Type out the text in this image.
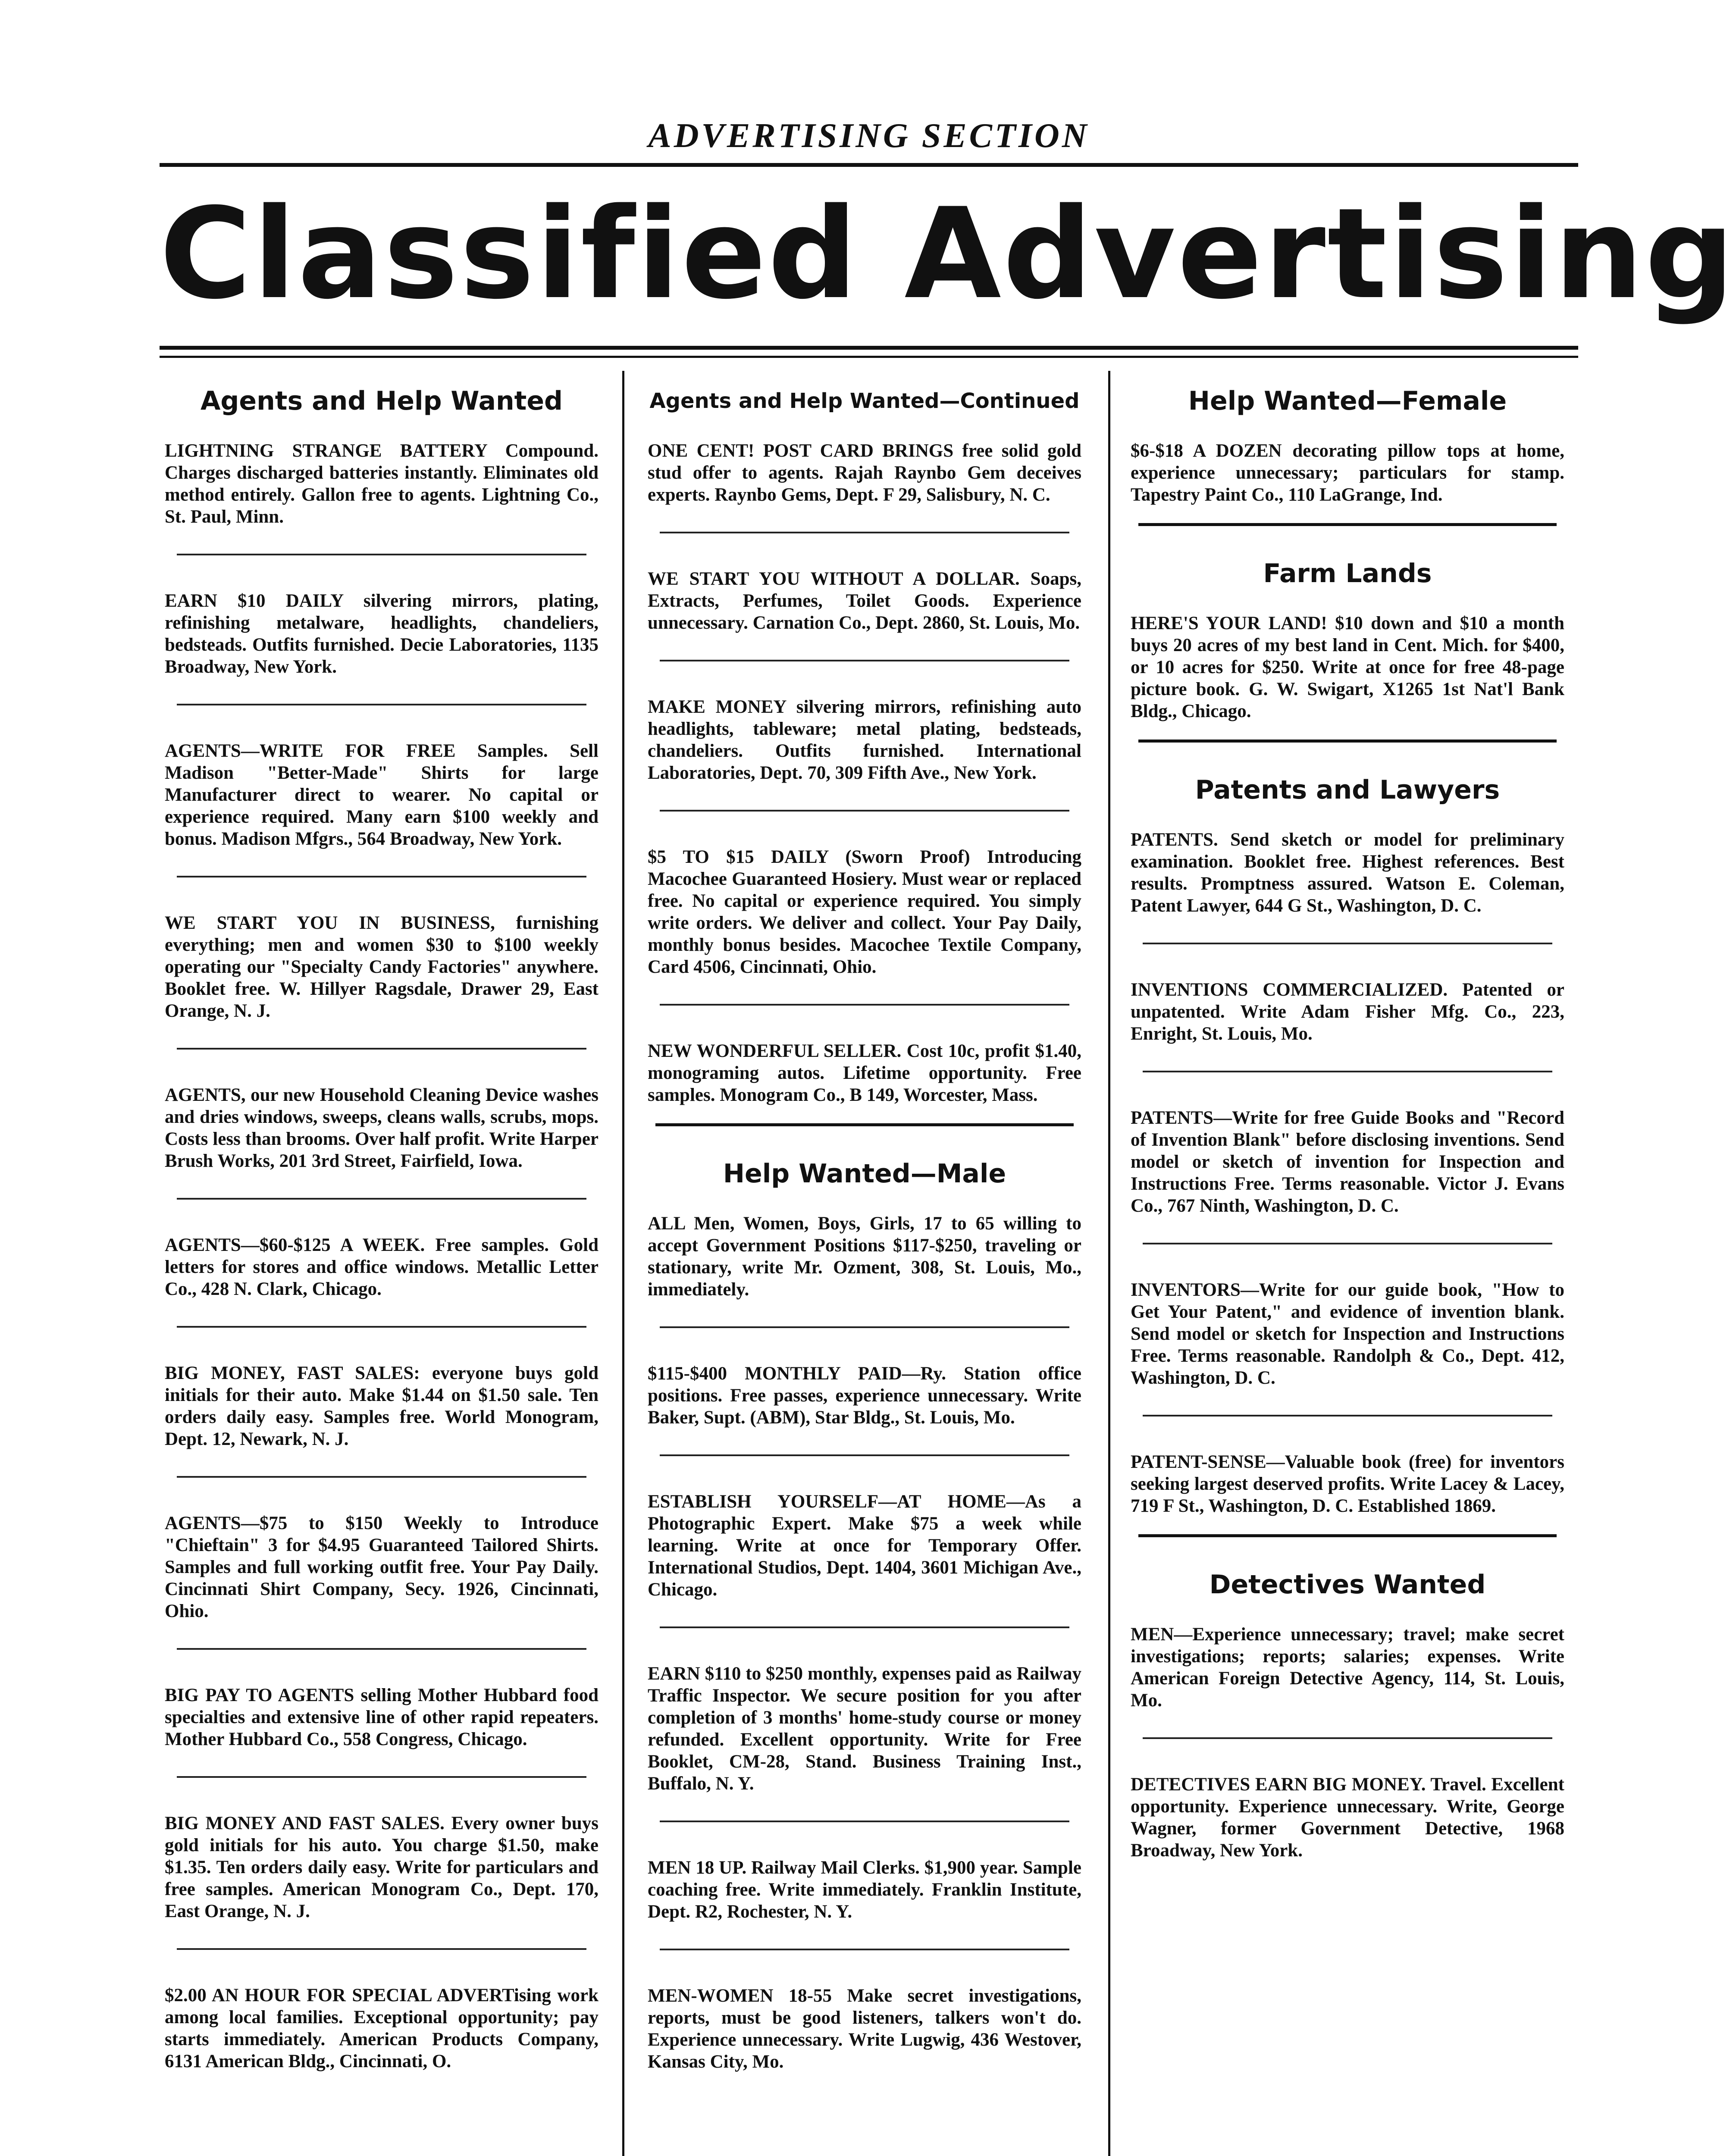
ADVERTISING SECTION
Classified Advertising
Agents and Help Wanted
LIGHTNING STRANGE BATTERY Compound. Charges discharged batteries instantly. Eliminates old method entirely. Gallon free to agents. Lightning Co., St. Paul, Minn.
EARN $10 DAILY silvering mirrors, plating, refinishing metalware, headlights, chandeliers, bedsteads. Outfits furnished. Decie Laboratories, 1135 Broadway, New York.
AGENTS—WRITE FOR FREE Samples. Sell Madison "Better-Made" Shirts for large Manufacturer direct to wearer. No capital or experience required. Many earn $100 weekly and bonus. Madison Mfgrs., 564 Broadway, New York.
WE START YOU IN BUSINESS, furnishing everything; men and women $30 to $100 weekly operating our "Specialty Candy Factories" anywhere. Booklet free. W. Hillyer Ragsdale, Drawer 29, East Orange, N. J.
AGENTS, our new Household Cleaning Device washes and dries windows, sweeps, cleans walls, scrubs, mops. Costs less than brooms. Over half profit. Write Harper Brush Works, 201 3rd Street, Fairfield, Iowa.
AGENTS—$60-$125 A WEEK. Free samples. Gold letters for stores and office windows. Metallic Letter Co., 428 N. Clark, Chicago.
BIG MONEY, FAST SALES: everyone buys gold initials for their auto. Make $1.44 on $1.50 sale. Ten orders daily easy. Samples free. World Monogram, Dept. 12, Newark, N. J.
AGENTS—$75 to $150 Weekly to Introduce "Chieftain" 3 for $4.95 Guaranteed Tailored Shirts. Samples and full working outfit free. Your Pay Daily. Cincinnati Shirt Company, Secy. 1926, Cincinnati, Ohio.
BIG PAY TO AGENTS selling Mother Hubbard food specialties and extensive line of other rapid repeaters. Mother Hubbard Co., 558 Congress, Chicago.
BIG MONEY AND FAST SALES. Every owner buys gold initials for his auto. You charge $1.50, make $1.35. Ten orders daily easy. Write for particulars and free samples. American Monogram Co., Dept. 170, East Orange, N. J.
$2.00 AN HOUR FOR SPECIAL ADVERTising work among local families. Exceptional opportunity; pay starts immediately. American Products Company, 6131 American Bldg., Cincinnati, O.
Agents and Help Wanted—Continued
ONE CENT! POST CARD BRINGS free solid gold stud offer to agents. Rajah Raynbo Gem deceives experts. Raynbo Gems, Dept. F 29, Salisbury, N. C.
WE START YOU WITHOUT A DOLLAR. Soaps, Extracts, Perfumes, Toilet Goods. Experience unnecessary. Carnation Co., Dept. 2860, St. Louis, Mo.
MAKE MONEY silvering mirrors, refinishing auto headlights, tableware; metal plating, bedsteads, chandeliers. Outfits furnished. International Laboratories, Dept. 70, 309 Fifth Ave., New York.
$5 TO $15 DAILY (Sworn Proof) Introducing Macochee Guaranteed Hosiery. Must wear or replaced free. No capital or experience required. You simply write orders. We deliver and collect. Your Pay Daily, monthly bonus besides. Macochee Textile Company, Card 4506, Cincinnati, Ohio.
NEW WONDERFUL SELLER. Cost 10c, profit $1.40, monograming autos. Lifetime opportunity. Free samples. Monogram Co., B 149, Worcester, Mass.
Help Wanted—Male
ALL Men, Women, Boys, Girls, 17 to 65 willing to accept Government Positions $117-$250, traveling or stationary, write Mr. Ozment, 308, St. Louis, Mo., immediately.
$115-$400 MONTHLY PAID—Ry. Station office positions. Free passes, experience unnecessary. Write Baker, Supt. (ABM), Star Bldg., St. Louis, Mo.
ESTABLISH YOURSELF—AT HOME—As a Photographic Expert. Make $75 a week while learning. Write at once for Temporary Offer. International Studios, Dept. 1404, 3601 Michigan Ave., Chicago.
EARN $110 to $250 monthly, expenses paid as Railway Traffic Inspector. We secure position for you after completion of 3 months' home-study course or money refunded. Excellent opportunity. Write for Free Booklet, CM-28, Stand. Business Training Inst., Buffalo, N. Y.
MEN 18 UP. Railway Mail Clerks. $1,900 year. Sample coaching free. Write immediately. Franklin Institute, Dept. R2, Rochester, N. Y.
MEN-WOMEN 18-55 Make secret investigations, reports, must be good listeners, talkers won't do. Experience unnecessary. Write Lugwig, 436 Westover, Kansas City, Mo.
Help Wanted—Female
$6-$18 A DOZEN decorating pillow tops at home, experience unnecessary; particulars for stamp. Tapestry Paint Co., 110 LaGrange, Ind.
Farm Lands
HERE'S YOUR LAND! $10 down and $10 a month buys 20 acres of my best land in Cent. Mich. for $400, or 10 acres for $250. Write at once for free 48-page picture book. G. W. Swigart, X1265 1st Nat'l Bank Bldg., Chicago.
Patents and Lawyers
PATENTS. Send sketch or model for preliminary examination. Booklet free. Highest references. Best results. Promptness assured. Watson E. Coleman, Patent Lawyer, 644 G St., Washington, D. C.
INVENTIONS COMMERCIALIZED. Patented or unpatented. Write Adam Fisher Mfg. Co., 223, Enright, St. Louis, Mo.
PATENTS—Write for free Guide Books and "Record of Invention Blank" before disclosing inventions. Send model or sketch of invention for Inspection and Instructions Free. Terms reasonable. Victor J. Evans Co., 767 Ninth, Washington, D. C.
INVENTORS—Write for our guide book, "How to Get Your Patent," and evidence of invention blank. Send model or sketch for Inspection and Instructions Free. Terms reasonable. Randolph & Co., Dept. 412, Washington, D. C.
PATENT-SENSE—Valuable book (free) for inventors seeking largest deserved profits. Write Lacey & Lacey, 719 F St., Washington, D. C. Established 1869.
Detectives Wanted
MEN—Experience unnecessary; travel; make secret investigations; reports; salaries; expenses. Write American Foreign Detective Agency, 114, St. Louis, Mo.
DETECTIVES EARN BIG MONEY. Travel. Excellent opportunity. Experience unnecessary. Write, George Wagner, former Government Detective, 1968 Broadway, New York.
